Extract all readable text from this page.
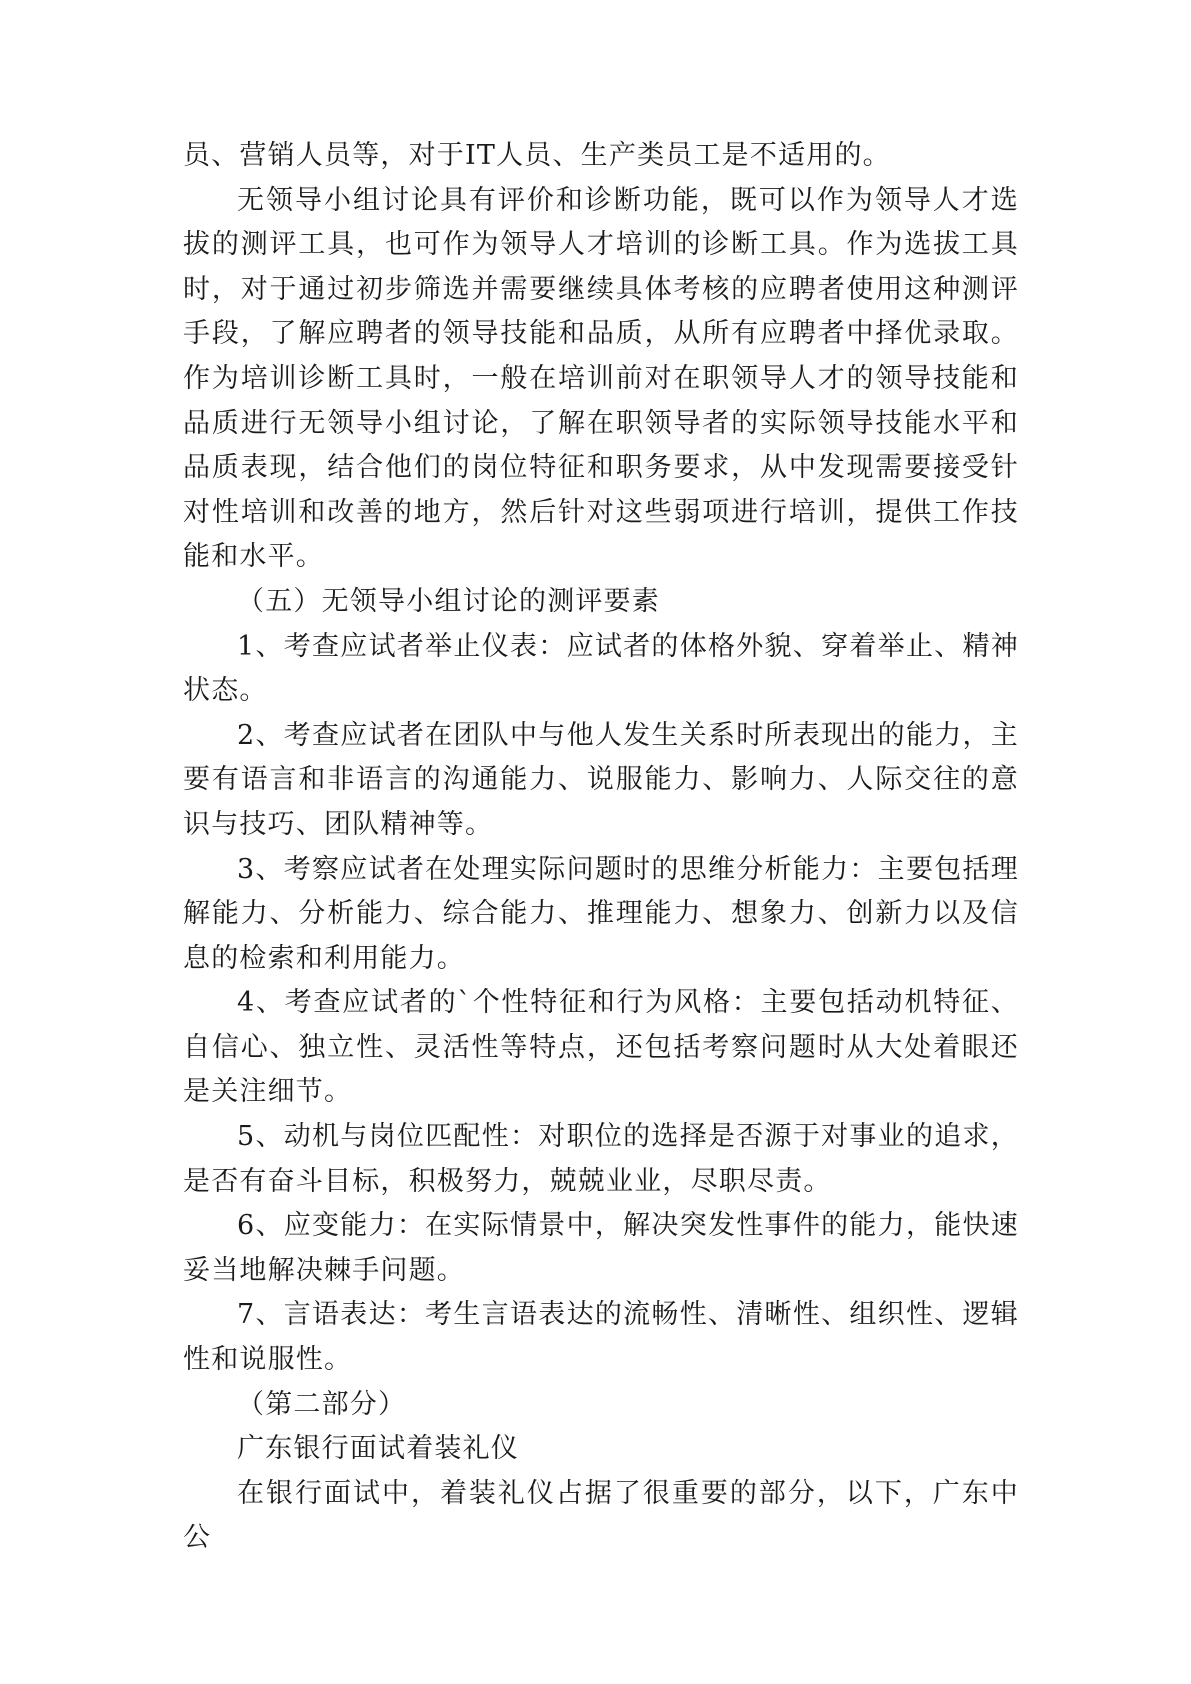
员、营销人员等，对于IT人员、生产类员工是不适用的。

无领导小组讨论具有评价和诊断功能，既可以作为领导人才选拔的测评工具，也可作为领导人才培训的诊断工具。作为选拔工具时，对于通过初步筛选并需要继续具体考核的应聘者使用这种测评手段，了解应聘者的领导技能和品质，从所有应聘者中择优录取。作为培训诊断工具时，一般在培训前对在职领导人才的领导技能和品质进行无领导小组讨论，了解在职领导者的实际领导技能水平和品质表现，结合他们的岗位特征和职务要求，从中发现需要接受针对性培训和改善的地方，然后针对这些弱项进行培训，提供工作技能和水平。

（五）无领导小组讨论的测评要素

1、考查应试者举止仪表：应试者的体格外貌、穿着举止、精神状态。

2、考查应试者在团队中与他人发生关系时所表现出的能力，主要有语言和非语言的沟通能力、说服能力、影响力、人际交往的意识与技巧、团队精神等。

3、考察应试者在处理实际问题时的思维分析能力：主要包括理解能力、分析能力、综合能力、推理能力、想象力、创新力以及信息的检索和利用能力。

4、考查应试者的`个性特征和行为风格：主要包括动机特征、自信心、独立性、灵活性等特点，还包括考察问题时从大处着眼还是关注细节。

5、动机与岗位匹配性：对职位的选择是否源于对事业的追求，是否有奋斗目标，积极努力，兢兢业业，尽职尽责。

6、应变能力：在实际情景中，解决突发性事件的能力，能快速妥当地解决棘手问题。

7、言语表达：考生言语表达的流畅性、清晰性、组织性、逻辑性和说服性。

（第二部分）

广东银行面试着装礼仪

在银行面试中，着装礼仪占据了很重要的部分，以下，广东中公
